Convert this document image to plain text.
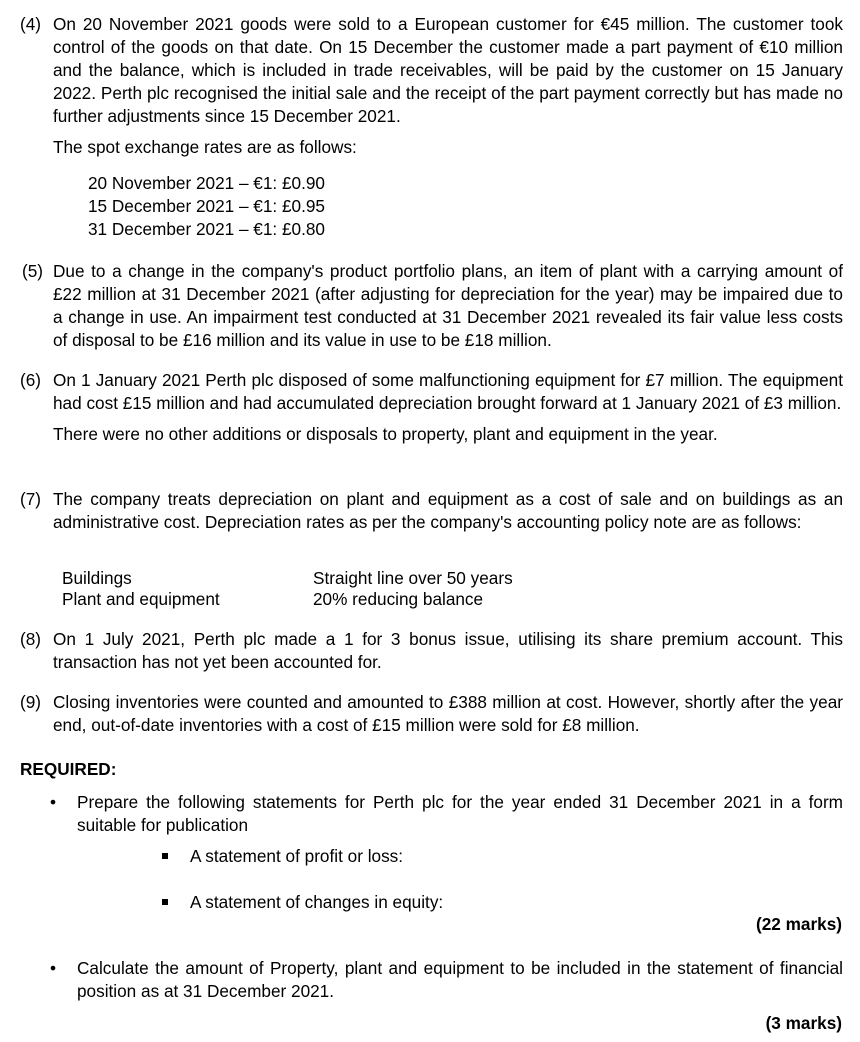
(4) On 20 November 2021 goods were sold to a European customer for €45 million. The customer took control of the goods on that date. On 15 December the customer made a part payment of €10 million and the balance, which is included in trade receivables, will be paid by the customer on 15 January 2022. Perth plc recognised the initial sale and the receipt of the part payment correctly but has made no further adjustments since 15 December 2021.

The spot exchange rates are as follows:

20 November 2021 – €1: £0.90
15 December 2021 – €1: £0.95
31 December 2021 – €1: £0.80
(5) Due to a change in the company's product portfolio plans, an item of plant with a carrying amount of £22 million at 31 December 2021 (after adjusting for depreciation for the year) may be impaired due to a change in use. An impairment test conducted at 31 December 2021 revealed its fair value less costs of disposal to be £16 million and its value in use to be £18 million.

(6) On 1 January 2021 Perth plc disposed of some malfunctioning equipment for £7 million. The equipment had cost £15 million and had accumulated depreciation brought forward at 1 January 2021 of £3 million.

There were no other additions or disposals to property, plant and equipment in the year.

(7) The company treats depreciation on plant and equipment as a cost of sale and on buildings as an administrative cost. Depreciation rates as per the company's accounting policy note are as follows:

Buildings	Straight line over 50 years
Plant and equipment	20% reducing balance
(8) On 1 July 2021, Perth plc made a 1 for 3 bonus issue, utilising its share premium account. This transaction has not yet been accounted for.

(9) Closing inventories were counted and amounted to £388 million at cost. However, shortly after the year end, out-of-date inventories with a cost of £15 million were sold for £8 million.

REQUIRED:
• Prepare the following statements for Perth plc for the year ended 31 December 2021 in a form suitable for publication
A statement of profit or loss:
A statement of changes in equity:
(22 marks)
• Calculate the amount of Property, plant and equipment to be included in the statement of financial position as at 31 December 2021.
(3 marks)
